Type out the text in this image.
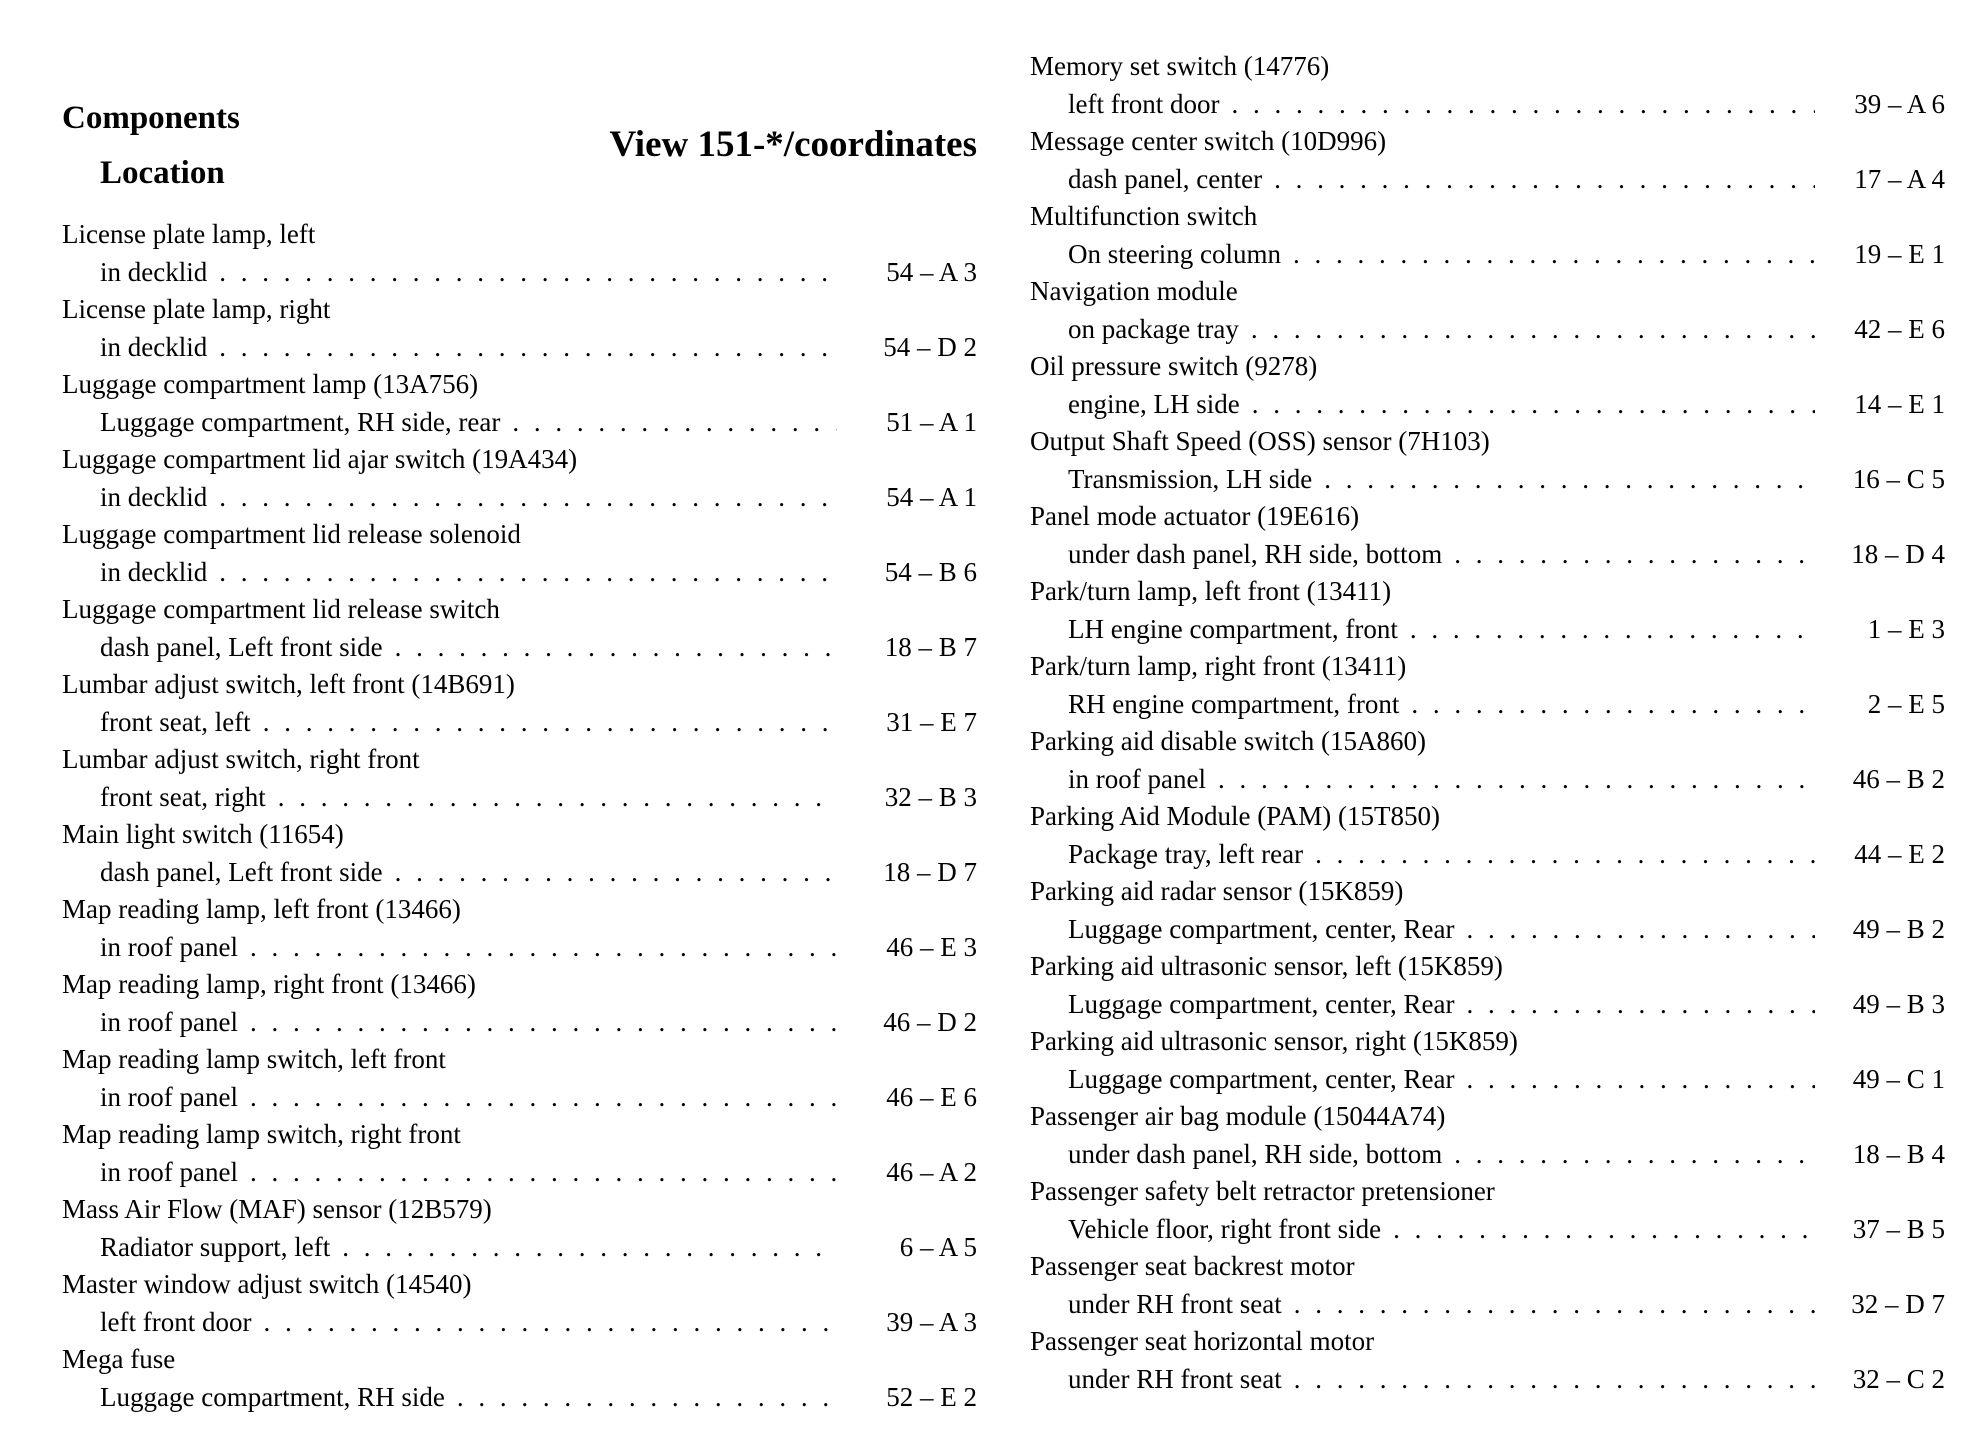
Components
Location
View 151-*/coordinates
License plate lamp, left
in decklid . . .	54 – A 3
License plate lamp, right
in decklid . . .	54 – D 2
Luggage compartment lamp (13A756)
Luggage compartment, RH side, rear . . .	51 – A 1
Luggage compartment lid ajar switch (19A434)
in decklid . . .	54 – A 1
Luggage compartment lid release solenoid
in decklid . . .	54 – B 6
Luggage compartment lid release switch
dash panel, Left front side . . .	18 – B 7
Lumbar adjust switch, left front (14B691)
front seat, left . . .	31 – E 7
Lumbar adjust switch, right front
front seat, right . . .	32 – B 3
Main light switch (11654)
dash panel, Left front side . . .	18 – D 7
Map reading lamp, left front (13466)
in roof panel . . .	46 – E 3
Map reading lamp, right front (13466)
in roof panel . . .	46 – D 2
Map reading lamp switch, left front
in roof panel . . .	46 – E 6
Map reading lamp switch, right front
in roof panel . . .	46 – A 2
Mass Air Flow (MAF) sensor (12B579)
Radiator support, left . . .	6 – A 5
Master window adjust switch (14540)
left front door . . .	39 – A 3
Mega fuse
Luggage compartment, RH side . . .	52 – E 2
Memory set switch (14776)
left front door . . .	39 – A 6
Message center switch (10D996)
dash panel, center . . .	17 – A 4
Multifunction switch
On steering column . . .	19 – E 1
Navigation module
on package tray . . .	42 – E 6
Oil pressure switch (9278)
engine, LH side . . .	14 – E 1
Output Shaft Speed (OSS) sensor (7H103)
Transmission, LH side . . .	16 – C 5
Panel mode actuator (19E616)
under dash panel, RH side, bottom . . .	18 – D 4
Park/turn lamp, left front (13411)
LH engine compartment, front . . .	1 – E 3
Park/turn lamp, right front (13411)
RH engine compartment, front . . .	2 – E 5
Parking aid disable switch (15A860)
in roof panel . . .	46 – B 2
Parking Aid Module (PAM) (15T850)
Package tray, left rear . . .	44 – E 2
Parking aid radar sensor (15K859)
Luggage compartment, center, Rear . . .	49 – B 2
Parking aid ultrasonic sensor, left (15K859)
Luggage compartment, center, Rear . . .	49 – B 3
Parking aid ultrasonic sensor, right (15K859)
Luggage compartment, center, Rear . . .	49 – C 1
Passenger air bag module (15044A74)
under dash panel, RH side, bottom . . .	18 – B 4
Passenger safety belt retractor pretensioner
Vehicle floor, right front side . . .	37 – B 5
Passenger seat backrest motor
under RH front seat . . .	32 – D 7
Passenger seat horizontal motor
under RH front seat . . .	32 – C 2
